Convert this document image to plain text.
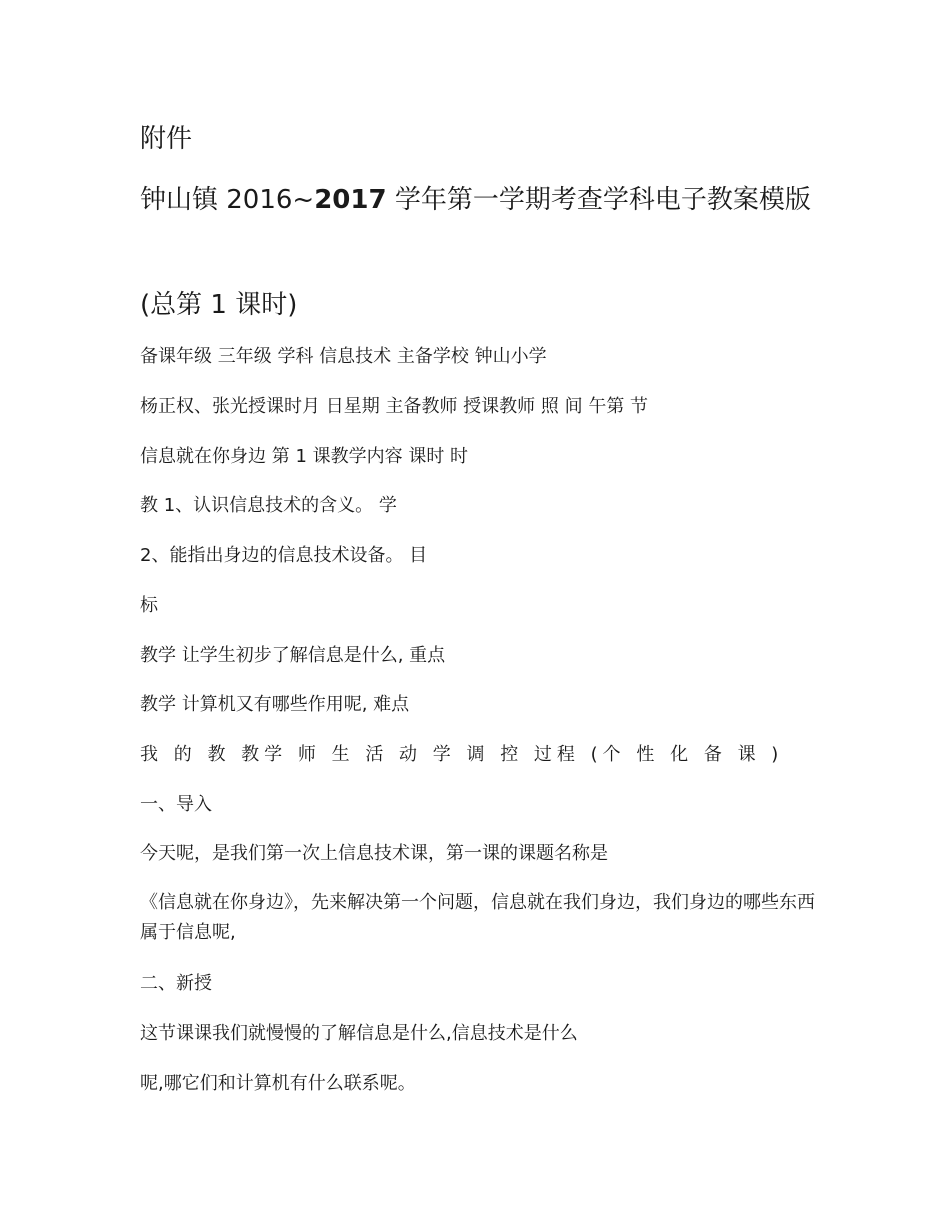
附件
钟山镇 2016~2017 学年第一学期考查学科电子教案模版
(总第 1 课时)
备课年级 三年级 学科 信息技术 主备学校 钟山小学
杨正权、张光授课时月 日星期 主备教师 授课教师 照 间 午第 节
信息就在你身边 第 1 课教学内容 课时 时
教 1、认识信息技术的含义。 学
2、能指出身边的信息技术设备。 目
标
教学 让学生初步了解信息是什么, 重点
教学 计算机又有哪些作用呢, 难点
我 的 教 教学 师 生 活 动 学 调 控 过程 (个 性 化 备 课 )
一、导入
今天呢，是我们第一次上信息技术课，第一课的课题名称是
《信息就在你身边》，先来解决第一个问题，信息就在我们身边，我们身边的哪些东西属于信息呢,
二、新授
这节课课我们就慢慢的了解信息是什么,信息技术是什么
呢,哪它们和计算机有什么联系呢。
